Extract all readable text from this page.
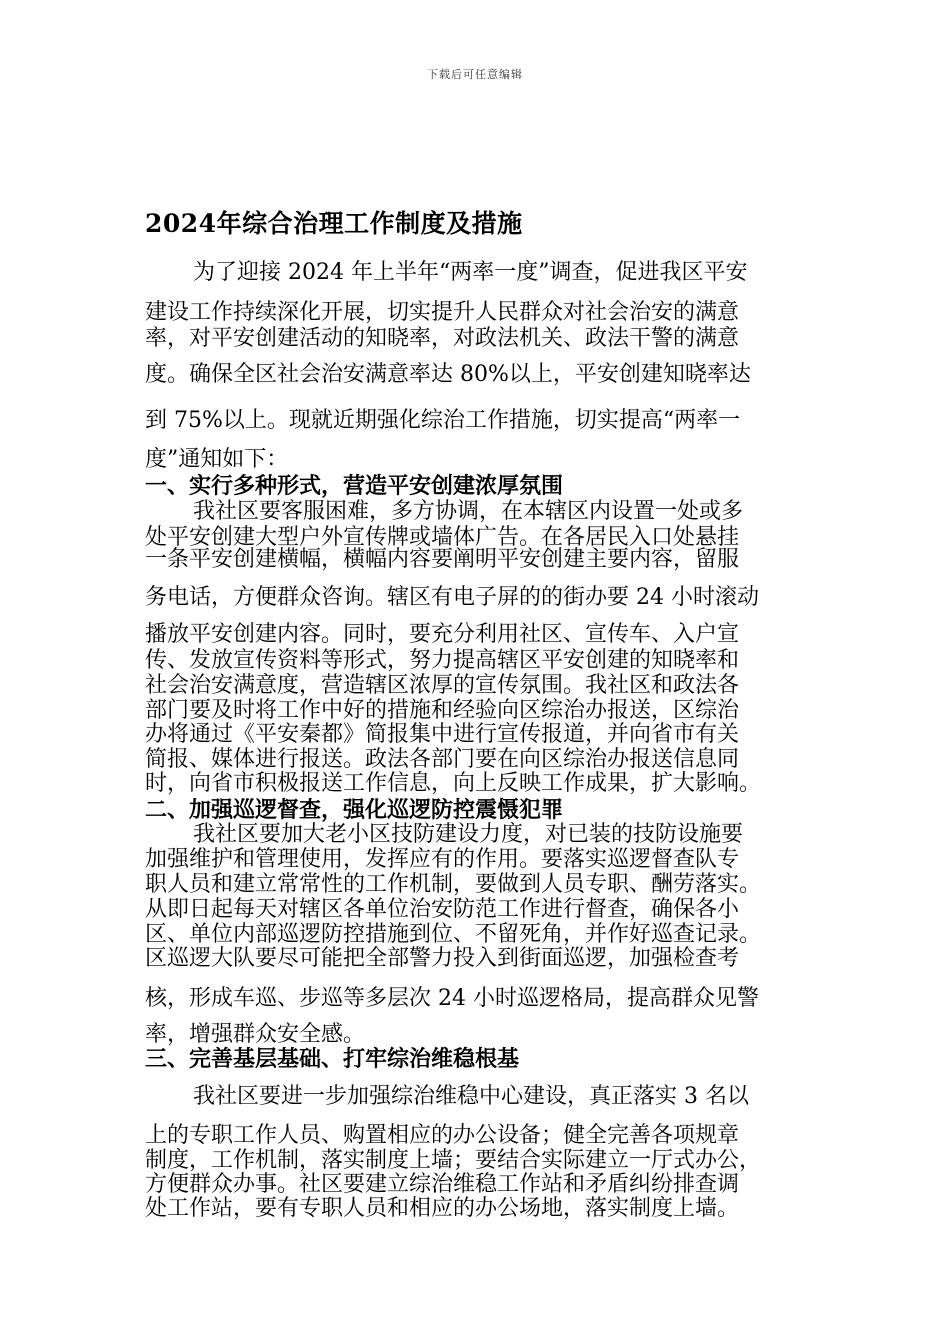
下载后可任意编辑
2024年综合治理工作制度及措施

为了迎接 2024 年上半年“两率一度”调查，促进我区平安

建设工作持续深化开展，切实提升人民群众对社会治安的满意

率，对平安创建活动的知晓率，对政法机关、政法干警的满意

度。确保全区社会治安满意率达 80%以上，平安创建知晓率达

到 75%以上。现就近期强化综治工作措施，切实提高“两率一

度”通知如下：

一、实行多种形式，营造平安创建浓厚氛围

我社区要客服困难，多方协调，在本辖区内设置一处或多

处平安创建大型户外宣传牌或墙体广告。在各居民入口处悬挂

一条平安创建横幅，横幅内容要阐明平安创建主要内容，留服

务电话，方便群众咨询。辖区有电子屏的的街办要 24 小时滚动

播放平安创建内容。同时，要充分利用社区、宣传车、入户宣

传、发放宣传资料等形式，努力提高辖区平安创建的知晓率和

社会治安满意度，营造辖区浓厚的宣传氛围。我社区和政法各

部门要及时将工作中好的措施和经验向区综治办报送，区综治

办将通过《平安秦都》简报集中进行宣传报道，并向省市有关

简报、媒体进行报送。政法各部门要在向区综治办报送信息同

时，向省市积极报送工作信息，向上反映工作成果，扩大影响。

二、加强巡逻督查，强化巡逻防控震慑犯罪

我社区要加大老小区技防建设力度，对已装的技防设施要

加强维护和管理使用，发挥应有的作用。要落实巡逻督查队专

职人员和建立常常性的工作机制，要做到人员专职、酬劳落实。

从即日起每天对辖区各单位治安防范工作进行督查，确保各小

区、单位内部巡逻防控措施到位、不留死角，并作好巡查记录。

区巡逻大队要尽可能把全部警力投入到街面巡逻，加强检查考

核，形成车巡、步巡等多层次 24 小时巡逻格局，提高群众见警

率，增强群众安全感。

三、完善基层基础、打牢综治维稳根基

我社区要进一步加强综治维稳中心建设，真正落实 3 名以

上的专职工作人员、购置相应的办公设备；健全完善各项规章

制度，工作机制，落实制度上墙；要结合实际建立一厅式办公，

方便群众办事。社区要建立综治维稳工作站和矛盾纠纷排查调

处工作站，要有专职人员和相应的办公场地，落实制度上墙。
